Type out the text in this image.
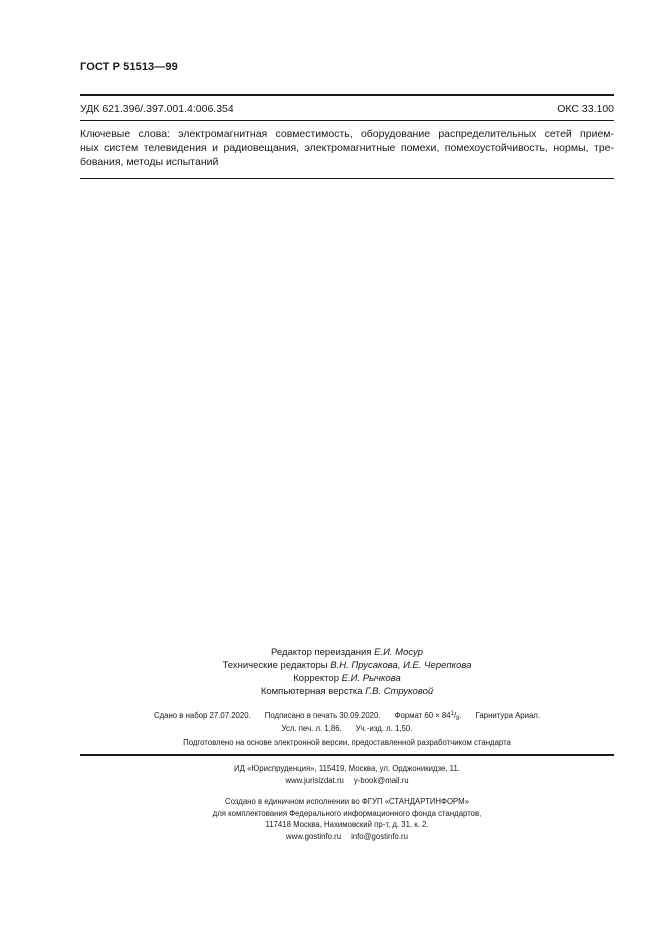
ГОСТ Р 51513—99
УДК 621.396/.397.001.4:006.354	ОКС 33.100
Ключевые слова: электромагнитная совместимость, оборудование распределительных сетей прием-
ных систем телевидения и радиовещания, электромагнитные помехи, помехоустойчивость, нормы, тре-
бования, методы испытаний
Редактор переиздания Е.И. Мосур
Технические редакторы В.Н. Прусакова, И.Е. Черепкова
Корректор Е.И. Рычкова
Компьютерная верстка Г.В. Струковой
Сдано в набор 27.07.2020. Подписано в печать 30.09.2020. Формат $60 \times 84^1/_8$. Гарнитура Ариал.
Усл. печ. л. 1,86. Уч.-изд. л. 1,50.
Подготовлено на основе электронной версии, предоставленной разработчиком стандарта
ИД «Юриспруденция», 115419, Москва, ул. Орджоникидзе, 11.
www.jurisizdat.ru y-book@mail.ru
Создано в единичном исполнении во ФГУП «СТАНДАРТИНФОРМ»
для комплектования Федерального информационного фонда стандартов,
117418 Москва, Нахимовский пр-т, д. 31, к. 2.
www.gostinfo.ru info@gostinfo.ru
